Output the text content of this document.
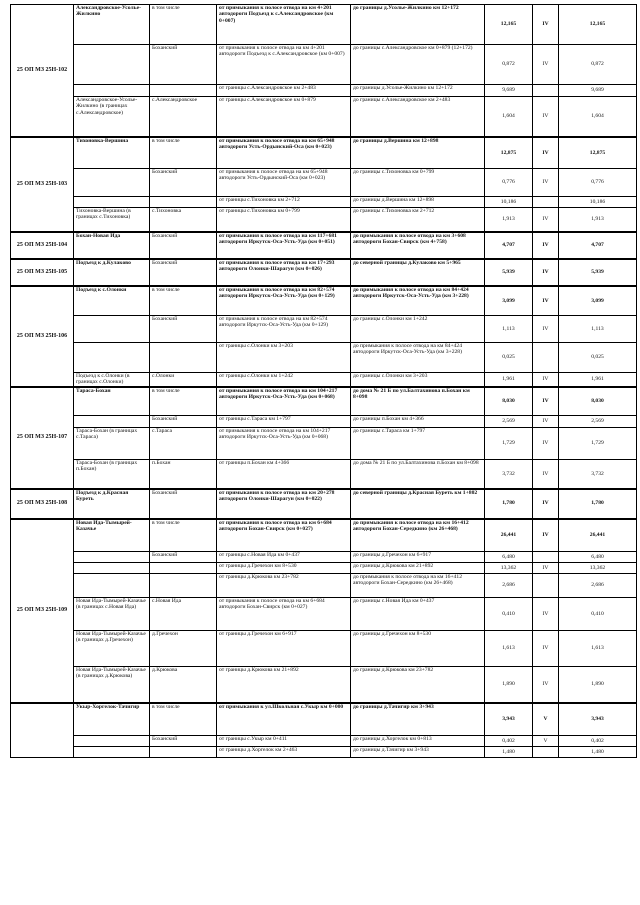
25 ОП МЗ 25Н-102	Александровское-Усолье-Жилкино	в том числе	от примыкания к полосе отвода на км 4+201 автодороги Подъезд к с.Александровское (км 0+007)	до границы д.Усолье-Жилкино км 12+172	12,165	IV	12,165
		Боханский	от примыкания к полосе отвода на км 4+201 автодороги Подъезд к с.Александровское (км 0+007)	до границы с.Александровское км 0+879 (12+172)	0,872	IV	0,872
			от границы с.Александровское км 2+483	до границы д.Усолье-Жилкино км 12+172	9,689		9,689
	Александровское-Усолье-Жилкино (в границах с.Александровское)	с.Александровское	от границы с.Александровское км 0+879	до границы с.Александровское км 2+483	1,604	IV	1,604
25 ОП МЗ 25Н-103	Тихоновка-Вершина	в том числе	от примыкания к полосе отвода на км 65+948 автодороги Усть-Ордынский-Оса (км 0+023)	до границы д.Вершина км 12+898	12,875	IV	12,875
		Боханский	от примыкания к полосе отвода на км 65+948 автодороги Усть-Ордынский-Оса (км 0+023)	до границы с.Тихоновка км 0+799	0,776	IV	0,776
			от границы с.Тихоновка км 2+712	до границы д.Вершина км 12+898	10,186		10,186
	Тихоновка-Вершина (в границах с.Тихоновка)	с.Тихоновка	от границы с.Тихоновка км 0+799	до границы с.Тихоновка км 2+712	1,913	IV	1,913
25 ОП МЗ 25Н-104	Бохан-Новая Ида	Боханский	от примыкания к полосе отвода на км 117+681 автодороги Иркутск-Оса-Усть-Уда (км 0+051)	до примыкания к полосе отвода на км 3+608 автодороги Бохан-Свирск (км 4+758)	4,707	IV	4,707
25 ОП МЗ 25Н-105	Подъезд к д.Кулаково	Боханский	от примыкания к полосе отвода на км 17+293 автодороги Олонки-Шарагун (км 0+026)	до северной границы д.Кулаково км 5+965	5,939	IV	5,939
25 ОП МЗ 25Н-106	Подъезд к с.Олонки	в том числе	от примыкания к полосе отвода на км 82+574 автодороги Иркутск-Оса-Усть-Уда (км 0+129)	до примыкания к полосе отвода на км 84+424 автодороги Иркутск-Оса-Усть-Уда (км 3+228)	3,099	IV	3,099
		Боханский	от примыкания к полосе отвода на км 82+574 автодороги Иркутск-Оса-Усть-Уда (км 0+129)	до границы с.Олонки км 1+242	1,113	IV	1,113
			от границы с.Олонки км 3+203	до примыкания к полосе отвода на км 84+424 автодороги Иркутск-Оса-Усть-Уда (км 3+228)	0,025		0,025
	Подъезд к с.Олонки (в границах с.Олонки)	с.Олонки	от границы с.Олонки км 1+242	до границы с.Олонки км 3+203	1,961	IV	1,961
25 ОП МЗ 25Н-107	Тараса-Бохан	в том числе	от примыкания к полосе отвода на км 104+217 автодороги Иркутск-Оса-Усть-Уда (км 0+068)	до дома № 21 Б по ул.Балтахинова п.Бохан км 8+098	8,030	IV	8,030
		Боханский	от границы с.Тараса км 1+797	до границы п.Бохан км 4+366	2,569	IV	2,569
	Тараса-Бохан (в границах с.Тараса)	с.Тараса	от примыкания к полосе отвода на км 104+217 автодороги Иркутск-Оса-Усть-Уда (км 0+068)	до границы с.Тараса км 1+797	1,729	IV	1,729
	Тараса-Бохан (в границах п.Бохан)	п.Бохан	от границы п.Бохан км 4+366	до дома № 21 Б по ул.Балтахинова п.Бохан км 8+098	3,732	IV	3,732
25 ОП МЗ 25Н-108	Подъезд к д.Красная Буреть	Боханский	от примыкания к полосе отвода на км 20+278 автодороги Олонки-Шарагун (км 0+022)	до северной границы д.Красная Буреть км 1+802	1,780	IV	1,780
25 ОП МЗ 25Н-109	Новая Ида-Тымырей-Казачье	в том числе	от примыкания к полосе отвода на км 6+684 автодороги Бохан-Свирск (км 0+027)	до примыкания к полосе отвода на км 16+412 автодороги Бохан-Середкино (км 26+468)	26,441	IV	26,441
		Боханский	от границы с.Новая Ида км 0+437	до границы д.Гречехон км 6+917	6,480		6,480
			от границы д.Гречехон км 8+530	до границы д.Крюкова км 21+892	13,362	IV	13,362
			от границы д.Крюкова км 23+782	до примыкания к полосе отвода на км 16+412 автодороги Бохан-Середкино (км 26+468)	2,686		2,686
	Новая Ида-Тымырей-Казачье (в границах с.Новая Ида)	с.Новая Ида	от примыкания к полосе отвода на км 6+684 автодороги Бохан-Свирск (км 0+027)	до границы с.Новая Ида км 0+437	0,410	IV	0,410
	Новая Ида-Тымырей-Казачье (в границах д.Гречехон)	д.Гречехон	от границы д.Гречехон км 6+917	до границы д.Гречехон км 8+530	1,613	IV	1,613
	Новая Ида-Тымырей-Казачье (в границах д.Крюкова)	д.Крюкова	от границы д.Крюкова км 21+892	до границы д.Крюкова км 23+782	1,890	IV	1,890
	Укыр-Хоргелок-Тачигир	в том числе	от примыкания к ул.Школьная с.Укыр км 0+000	до границы д.Тачигир км 3+943	3,943	V	3,943
		Боханский	от границы с.Укыр км 0+411	до границы д.Хоргелок км 0+813	0,402	V	0,402
			от границы д.Хоргелок км 2+463	до границы д.Тачигир км 3+943	1,480		1,480
